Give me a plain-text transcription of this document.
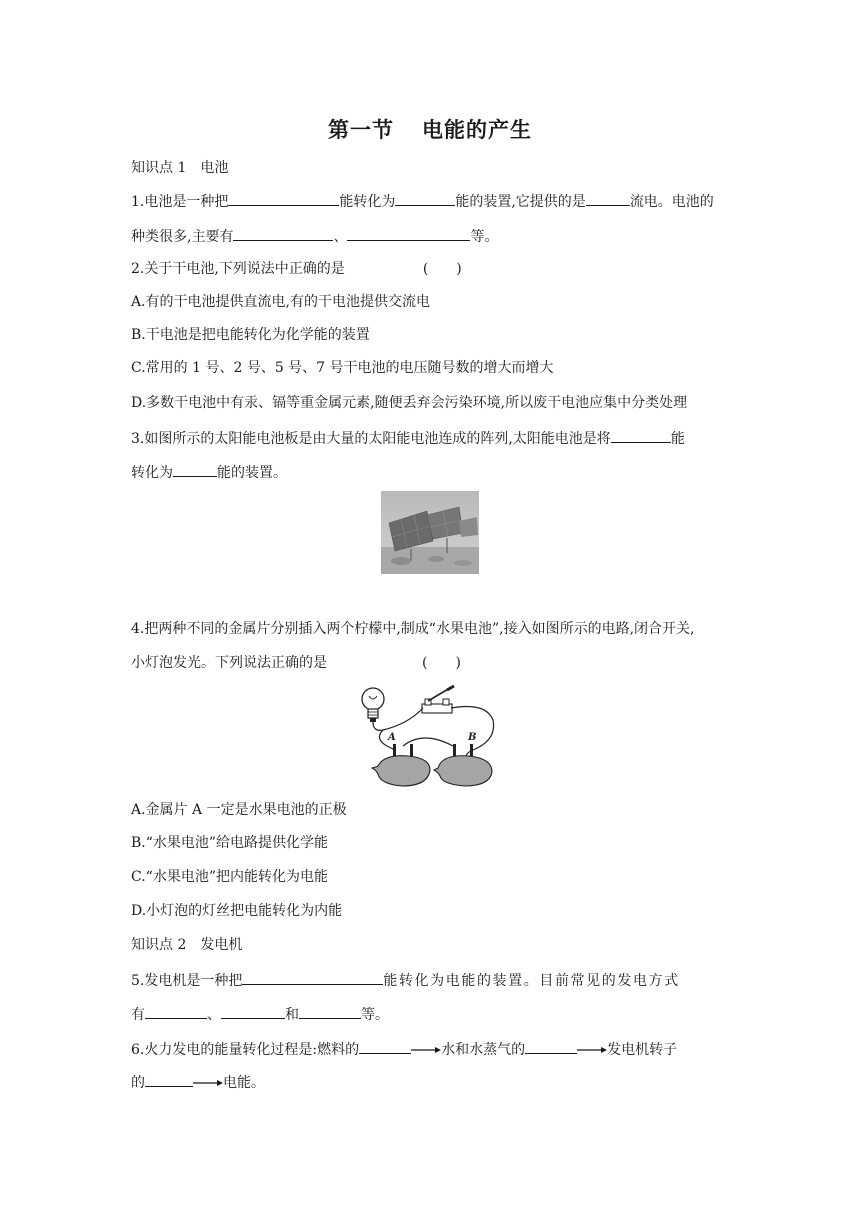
第一节 电能的产生
知识点 1　电池
1.电池是一种把	能转化为	能的装置,它提供的是	流电。电池的
种类很多,主要有	、	等。
2.关于干电池,下列说法中正确的是	(　　)
A.有的干电池提供直流电,有的干电池提供交流电
B.干电池是把电能转化为化学能的装置
C.常用的 1 号、2 号、5 号、7 号干电池的电压随号数的增大而增大
D.多数干电池中有汞、镉等重金属元素,随便丢弃会污染环境,所以废干电池应集中分类处理
3.如图所示的太阳能电池板是由大量的太阳能电池连成的阵列,太阳能电池是将	能
转化为	能的装置。
4.把两种不同的金属片分别插入两个柠檬中,制成“水果电池”,接入如图所示的电路,闭合开关,
小灯泡发光。下列说法正确的是	(　　)
A	B
A.金属片 A 一定是水果电池的正极
B.“水果电池”给电路提供化学能
C.“水果电池”把内能转化为电能
D.小灯泡的灯丝把电能转化为内能
知识点 2　发电机
5.发电机是一种把	能转化为电能的装置。目前常见的发电方式
有	、	和	等。
6.火力发电的能量转化过程是:燃料的	水和水蒸气的	发电机转子
的	电能。
